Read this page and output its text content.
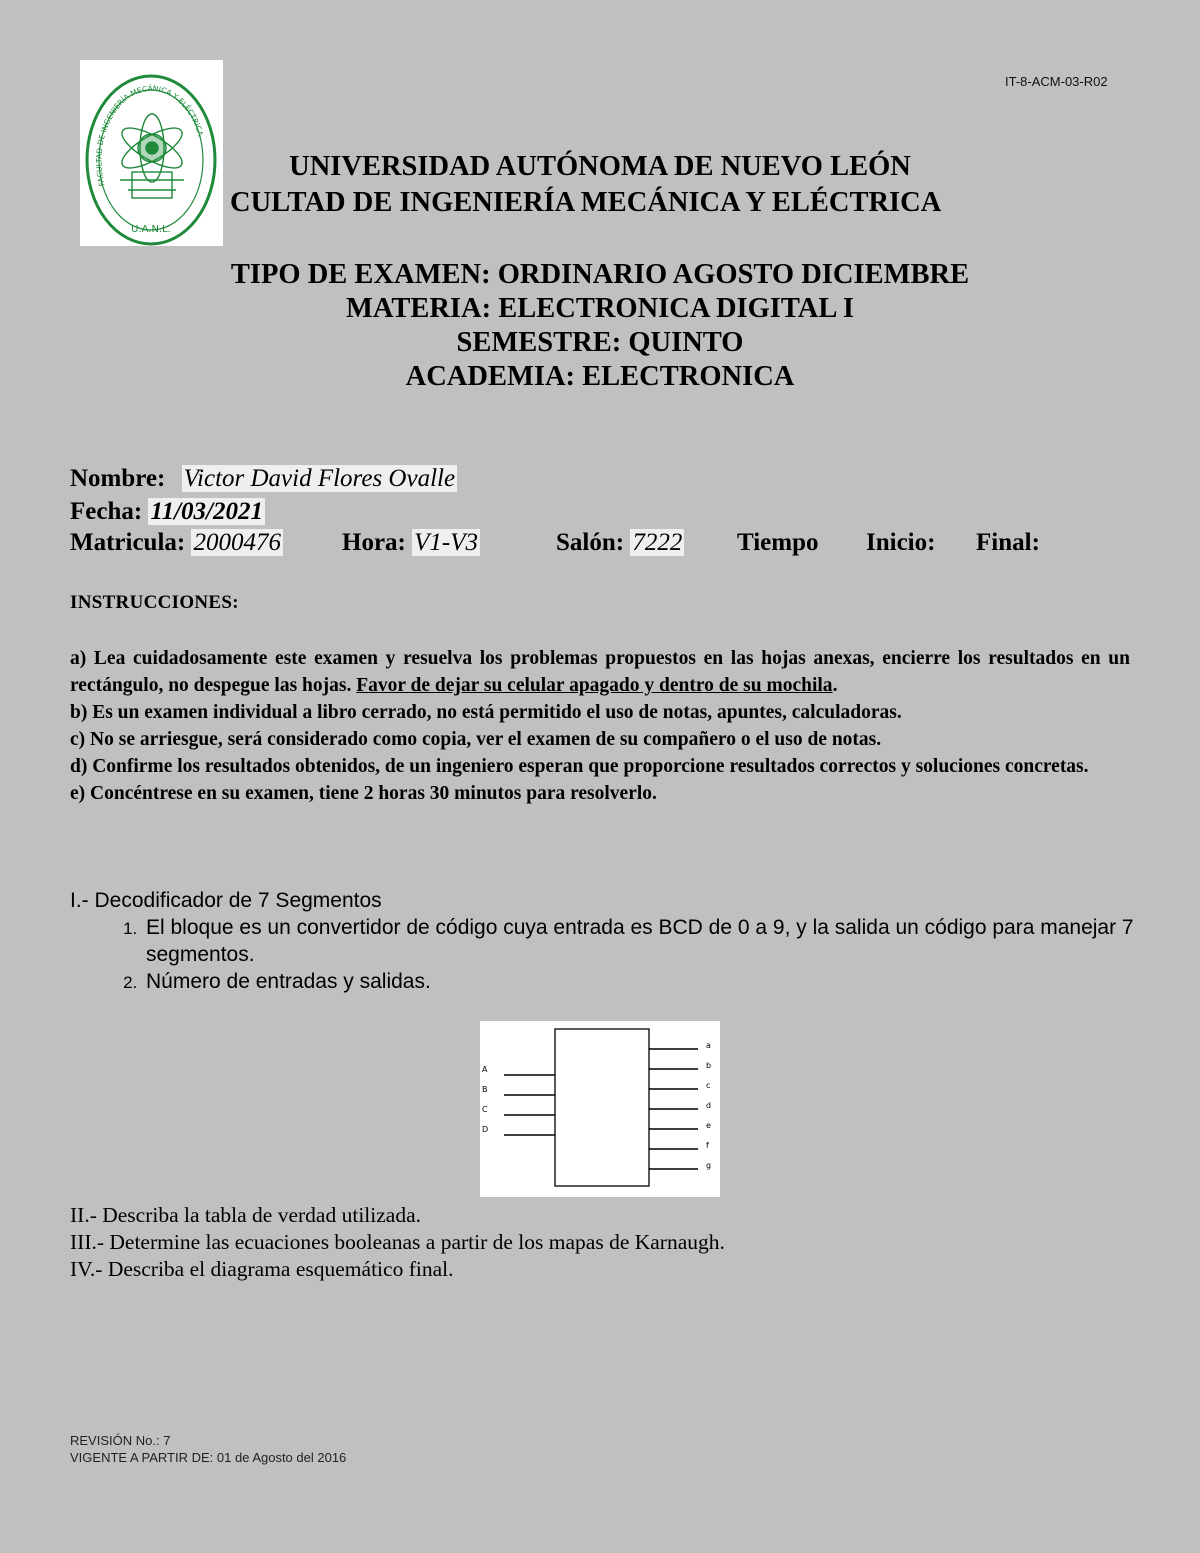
IT-8-ACM-03-R02
FACULTAD DE INGENIERÍA MECÁNICA Y ELÉCTRICA
U.A.N.L.
UNIVERSIDAD AUTÓNOMA DE NUEVO LEÓN
CULTAD DE INGENIERÍA MECÁNICA Y ELÉCTRICA
TIPO DE EXAMEN: ORDINARIO AGOSTO DICIEMBRE
MATERIA: ELECTRONICA DIGITAL I
SEMESTRE: QUINTO
ACADEMIA: ELECTRONICA
Nombre: Victor David Flores Ovalle
Fecha: 11/03/2021
Matricula: 2000476 Hora: V1-V3	Salón: 7222 Tiempo Inicio: Final:
INSTRUCCIONES:

a) Lea cuidadosamente este examen y resuelva los problemas propuestos en las hojas anexas, encierre los resultados en un rectángulo, no despegue las hojas. Favor de dejar su celular apagado y dentro de su mochila.

b) Es un examen individual a libro cerrado, no está permitido el uso de notas, apuntes, calculadoras.

c) No se arriesgue, será considerado como copia, ver el examen de su compañero o el uso de notas.

d) Confirme los resultados obtenidos, de un ingeniero esperan que proporcione resultados correctos y soluciones concretas.

e) Concéntrese en su examen, tiene 2 horas 30 minutos para resolverlo.

I.- Decodificador de 7 Segmentos
1. El bloque es un convertidor de código cuya entrada es BCD de 0 a 9, y la salida un código para manejar 7 segmentos.
2. Número de entradas y salidas.
A
B
C
D
a
b
c
d
e
f
g

II.- Describa la tabla de verdad utilizada.

III.- Determine las ecuaciones booleanas a partir de los mapas de Karnaugh.

IV.- Describa el diagrama esquemático final.

REVISIÓN No.: 7

VIGENTE A PARTIR DE: 01 de Agosto del 2016
